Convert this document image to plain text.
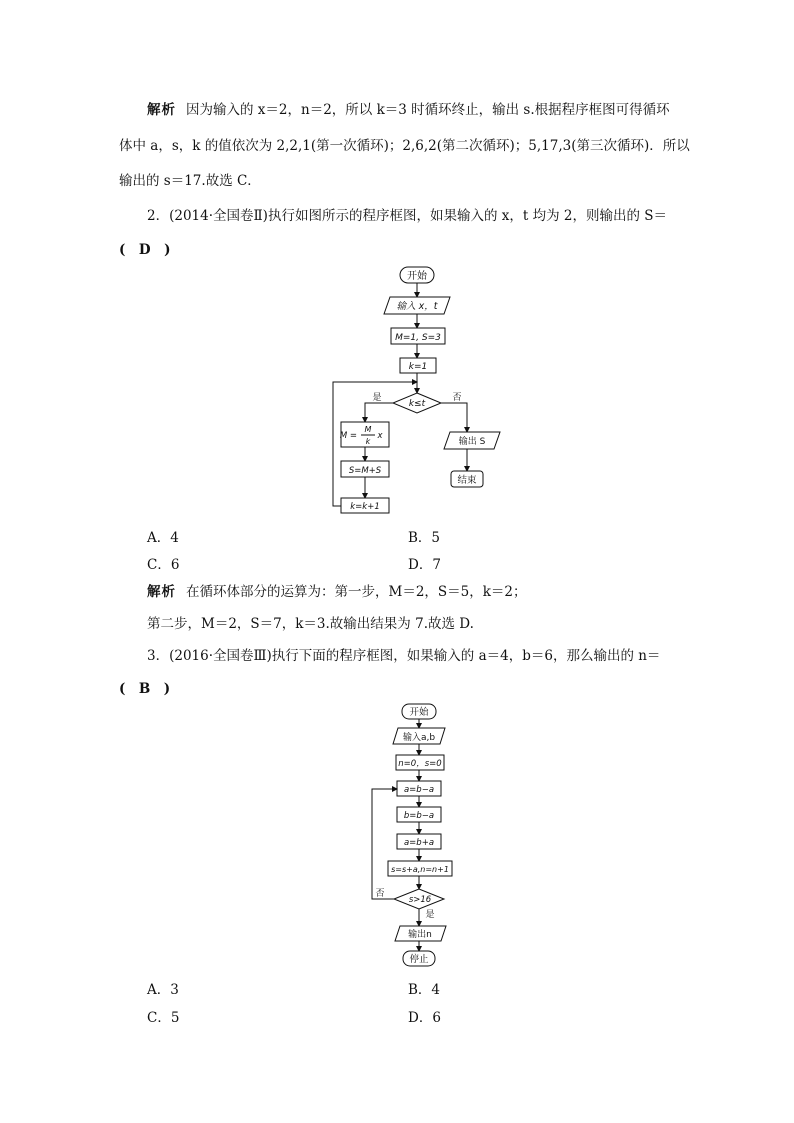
解析 因为输入的 x＝2，n＝2，所以 k＝3 时循环终止，输出 s.根据程序框图可得循环
体中 a，s，k 的值依次为 2,2,1(第一次循环)；2,6,2(第二次循环)；5,17,3(第三次循环)．所以
输出的 s＝17.故选 C．
2．(2014·全国卷Ⅱ)执行如图所示的程序框图，如果输入的 x，t 均为 2，则输出的 S＝
(　D　)
开始
输入 x，t
M=1, S=3
k=1
k≤t
是	否
M =
M
k
x
S=M+S
k=k+1
输出 S
结束
A．4	B．5
C．6	D．7
解析 在循环体部分的运算为：第一步，M＝2，S＝5，k＝2；
第二步，M＝2，S＝7，k＝3.故输出结果为 7.故选 D.
3．(2016·全国卷Ⅲ)执行下面的程序框图，如果输入的 a＝4，b＝6，那么输出的 n＝
(　B　)
开始
输入a,b
n=0，s=0
a=b−a
b=b−a
a=b+a
s=s+a,n=n+1
s>16
否
是
输出n
停止
A．3	B．4
C．5	D．6
